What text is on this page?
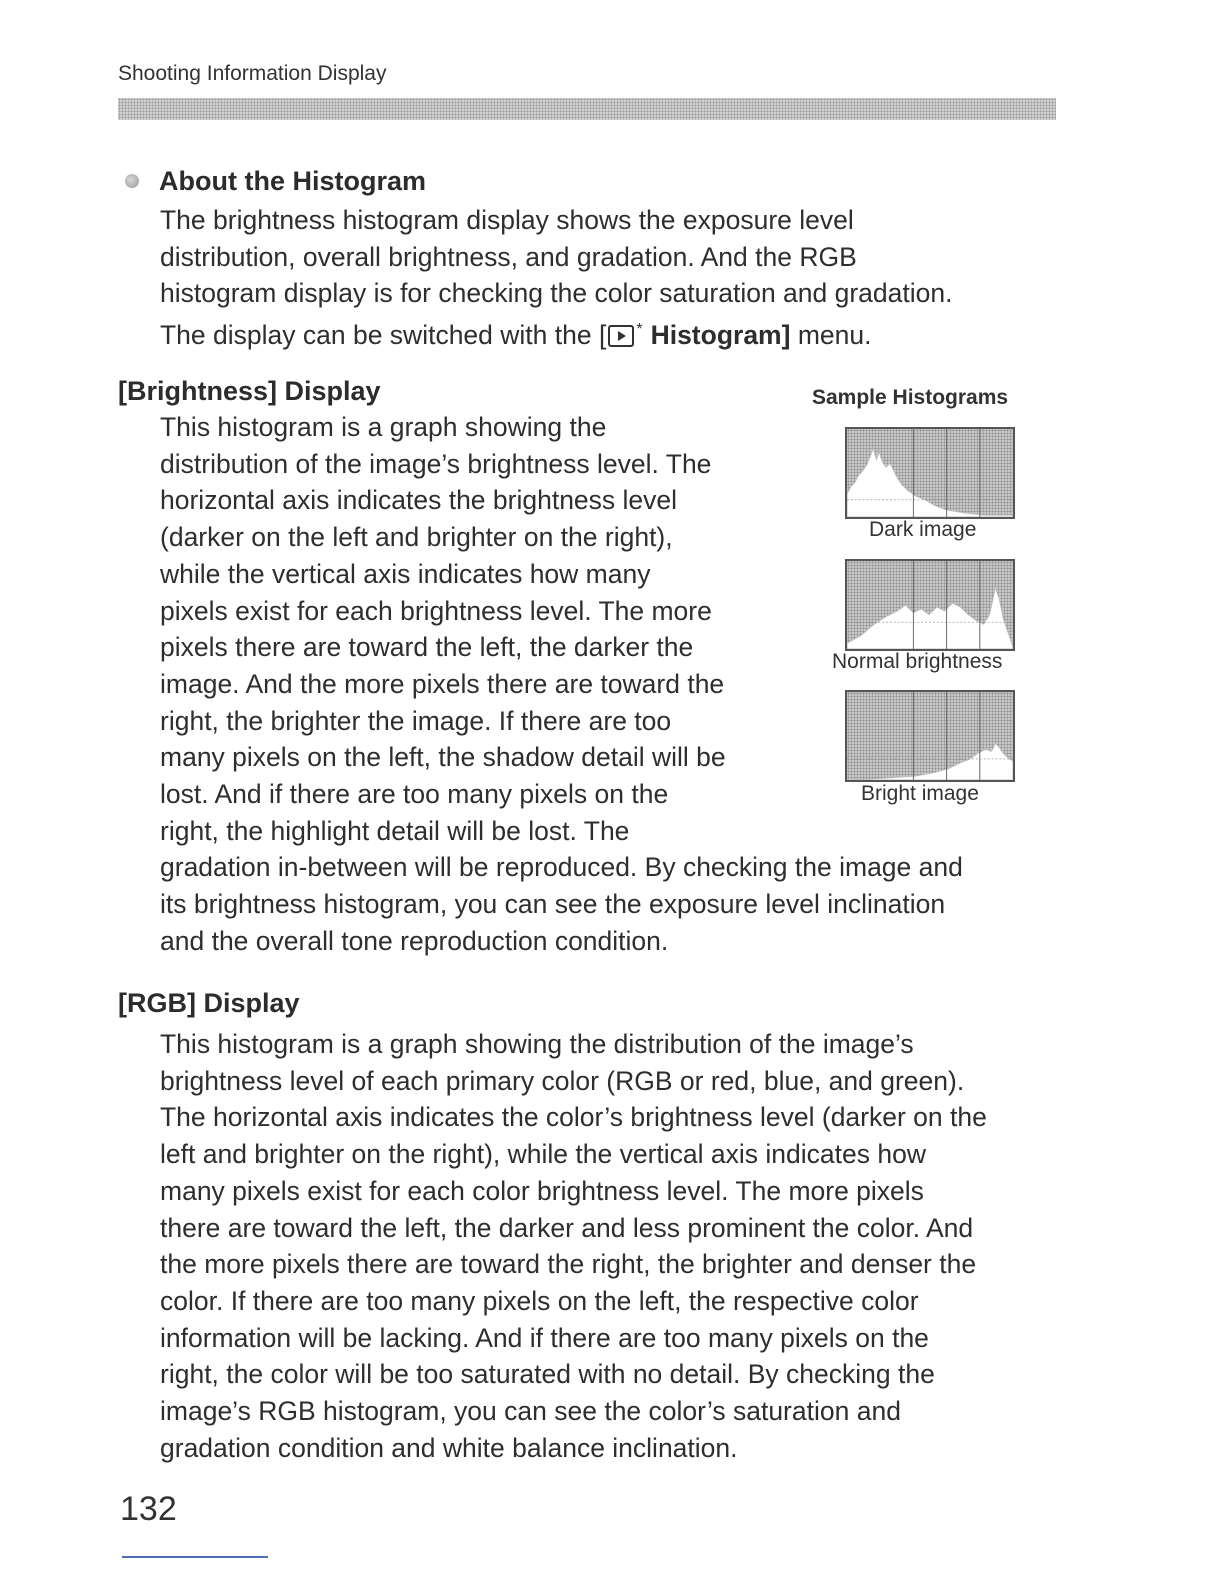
Shooting Information Display
About the Histogram

The brightness histogram display shows the exposure level
distribution, overall brightness, and gradation. And the RGB
histogram display is for checking the color saturation and gradation.
The display can be switched with the [ * Histogram] menu.

[Brightness] Display

This histogram is a graph showing the
distribution of the image’s brightness level. The
horizontal axis indicates the brightness level
(darker on the left and brighter on the right),
while the vertical axis indicates how many
pixels exist for each brightness level. The more
pixels there are toward the left, the darker the
image. And the more pixels there are toward the
right, the brighter the image. If there are too
many pixels on the left, the shadow detail will be
lost. And if there are too many pixels on the
right, the highlight detail will be lost. The
gradation in-between will be reproduced. By checking the image and
its brightness histogram, you can see the exposure level inclination
and the overall tone reproduction condition.

Sample Histograms
Dark image
Normal brightness
Bright image
[RGB] Display

This histogram is a graph showing the distribution of the image’s
brightness level of each primary color (RGB or red, blue, and green).
The horizontal axis indicates the color’s brightness level (darker on the
left and brighter on the right), while the vertical axis indicates how
many pixels exist for each color brightness level. The more pixels
there are toward the left, the darker and less prominent the color. And
the more pixels there are toward the right, the brighter and denser the
color. If there are too many pixels on the left, the respective color
information will be lacking. And if there are too many pixels on the
right, the color will be too saturated with no detail. By checking the
image’s RGB histogram, you can see the color’s saturation and
gradation condition and white balance inclination.

132
